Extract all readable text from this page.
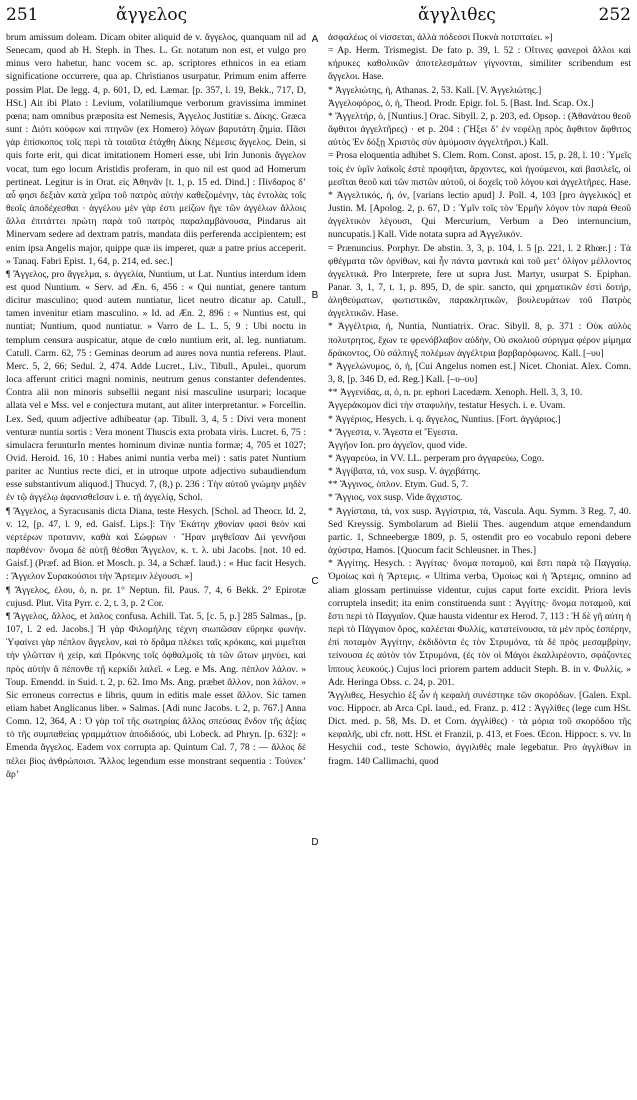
251	ἄγγελος	ἄγγλιθες	252
A
B
C
D

brum amissum doleam. Dicam obiter aliquid de v. ἄγγελος, quanquam nil ad Senecam, quod ab H. Steph. in Thes. L. Gr. notatum non est, et vulgo pro minus vero habetur, hanc vocem sc. ap. scriptores ethnicos in ea etiam significatione occurrere, qua ap. Christianos usurpatur. Primum enim afferre possim Plat. De legg. 4, p. 601, D, ed. Læmar. [p. 357, l. 19, Bekk., 717, D, HSt.] Ait ibi Plato : Levium, volatiliumque verborum gravissima imminet pœna; nam omnibus præposita est Nemesis, Ἀγγελος Justitiæ s. Δίκης. Græca sunt : Διότι κούφων καὶ πτηνῶν (ex Homero) λόγων βαρυτάτη ζημία. Πᾶσι γὰρ ἐπίσκοπος τοῖς περὶ τὰ τοιαῦτα ἐτάχθη Δίκης Νέμεσις ἄγγελος. Dein, si quis forte erit, qui dicat imitationem Homeri esse, ubi Irin Junonis ἄγγελον vocat, tum ego locum Aristidis proferam, in quo nil est quod ad Homerum pertineat. Legitur is in Orat. εἰς Ἀθηνᾶν [t. 1, p. 15 ed. Dind.] : Πίνδαρος δ’ αὖ φησι δεξιὰν κατὰ χεῖρα τοῦ πατρὸς αὐτὴν καθεζομένην, τὰς ἐντολὰς τοῖς θεοῖς ἀποδέχεσθαι · ἀγγέλου μὲν γὰρ ἐστι μείζων ἤγε τῶν ἀγγέλων ἄλλοις ἄλλα ἐπιτάττει πρώτη παρὰ τοῦ πατρὸς παραλαμβάνουσα, Pindarus ait Minervam sedere ad dextram patris, mandata diis perferenda accipientem; est enim ipsa Angelis major, quippe quæ iis imperet, quæ a patre prius acceperit. » Tanaq. Fabri Epist. 1, 64, p. 214, ed. sec.]

¶ Ἄγγελος, pro ἄγγελμα, s. ἀγγελία, Nuntium, ut Lat. Nuntius interdum idem est quod Nuntium. « Serv. ad Æn. 6, 456 : « Qui nuntiat, genere tantum dicitur masculino; quod autem nuntiatur, licet neutro dicatur ap. Catull., tamen invenitur etiam masculino. » Id. ad Æn. 2, 896 : « Nuntius est, qui nuntiat; Nuntium, quod nuntiatur. » Varro de L. L. 5, 9 : Ubi noctu in templum censura auspicatur, atque de cœlo nuntium erit, al. leg. nuntiatum. Catull. Carm. 62, 75 : Geminas deorum ad aures nova nuntia referens. Plaut. Merc. 5, 2, 66; Sedul. 2, 474. Adde Lucret., Liv., Tibull., Apulei., quorum loca afferunt critici magni nominis, neutrum genus constanter defendentes. Contra alii non minoris subsellii negant nisi masculine usurpari; locaque allata vel e Mss. vel e conjectura mutant, aut aliter interpretantur. » Forcellin. Lex. Sed, quum adjective adhibeatur (ap. Tibull. 3, 4, 5 : Divi vera monent venturæ nuntia sortis : Vera monent Thuscis exta probata viris. Lucret. 6, 75 : simulacra ferunturIn mentes hominum divinæ nuntia formæ; 4, 705 et 1027; Ovid. Heroid. 16, 10 : Habes animi nuntia verba mei) : satis patet Nuntium pariter ac Nuntius recte dici, et in utroque utpote adjectivo subaudiendum esse substantivum aliquod.] Thucyd. 7, (8,) p. 236 : Τὴν αὐτοῦ γνώμην μηδὲν ἐν τῷ ἀγγέλῳ ἀφανισθεῖσαν i. e. τῇ ἀγγελίᾳ, Schol.

¶ Ἄγγελος, a Syracusanis dicta Diana, teste Hesych. [Schol. ad Theocr. Id. 2, v. 12, [p. 47, l. 9, ed. Gaisf. Lips.]: Τὴν Ἑκάτην χθονίαν φασὶ θεὸν καὶ νερτέρων προτανιν, καθὰ καὶ Σώφρων · Ἥραν μιγθεῖσαν Διὶ γεννῆσαι παρθένον· ὄνομα δὲ αὐτῇ θέσθαι Ἄγγελον, κ. τ. λ. ubi Jacobs. [not. 10 ed. Gaisf.] (Præf. ad Bion. et Mosch. p. 34, a Schæf. laud.) : « Huc facit Hesych. : Ἄγγελον Συρακούσιοι τὴν Ἄρτεμιν λέγουσι. »]

¶ Ἄγγελος, ἐλου, ὁ, n. pr. 1° Neptun. fil. Paus. 7, 4, 6 Bekk. 2° Epirotæ cujusd. Plut. Vita Pyrr. c. 2, t. 3, p. 2 Cor.

¶ Ἄγγελος, ἄλλος, et λαλος confusa. Achill. Tat. 5, [c. 5, p.] 285 Salmas., [p. 107, l. 2 ed. Jacobs.] Ἡ γὰρ Φιλομήλης τέχνη σιωπῶσαν εὕρηκε φωνήν. Ὑφαίνει γὰρ πέπλον ἄγγελον, καὶ τὸ δρᾶμα πλέκει ταῖς κρόκαις, καὶ μιμεῖται τὴν γλῶτταν ἡ χείρ, καὶ Πρόκνης τοῖς ὀφθαλμοῖς τὰ τῶν ὤτων μηνύει, καὶ πρὸς αὐτὴν ἃ πέπονθε τῇ κερκίδι λαλεῖ. « Leg. e Ms. Ang. πέπλον λάλον. » Toup. Emendd. in Suid. t. 2, p. 62. Imo Ms. Ang. præbet ἄλλον, non λάλον. » Sic erroneus correctus e libris, quum in editis male esset ἄλλον. Sic tamen etiam habet Anglicanus liber. » Salmas. [Adi nunc Jacobs. t. 2, p. 767.] Anna Comn. 12, 364, A : Ὁ γὰρ τοῖ τῆς σωτηρίας ἄλλος σπεύσας ἔνδον τῆς ἀξίας τὸ τῆς συμπαθείας γραμμάτιον ἀποδιδούς, ubi Lobeck. ad Phryn. [p. 632]: « Emenda ἄγγελος. Eadem vox corrupta ap. Quintum Cal. 7, 78 : — ἄλλος δὲ πέλει βίος ἀνθρώποισι. Ἄλλος legendum esse monstrant sequentia : Τούνεκ’ ἄρ’

ἀσφαλέως οἱ νίσσεται, ἀλλὰ πόδεσσι Πυκνὰ ποτιπταίει. »]

= Ap. Herm. Trismegist. De fato p. 39, l. 52 : Οἵτινες φανεροὶ ἄλλοι καὶ κήρυκες καθολικῶν ἀποτελεσμάτων γίγνονται, similiter scribendum est ἄγγελοι. Hase.

* Ἀγγελιώτης, ἡ, Athanas. 2, 53. Kall. [V. Ἀγγελιώτης.]

Ἀγγελοφόρος, ὁ, ἡ, Theod. Prodr. Epigr. fol. 5. [Bast. Ind. Scap. Ox.]

* Ἄγγελτήρ, ὁ, [Nuntius.] Orac. Sibyll. 2, p. 203, ed. Opsop. : (Ἀθανάτου θεοῦ ἄφθιτοι ἀγγελτῆρες) · et p. 204 : (Ἥξει δ’ ἐν νεφέλῃ πρὸς ἄφθιτον ἄφθιτος αὐτὸς Ἐν δόξῃ Χριστὸς σὺν ἀμύμοσιν ἀγγελτῆρσι.) Kall.

= Prosa eloquentia adhibet S. Clem. Rom. Const. apost. 15, p. 28, l. 10 : Ὑμεῖς τοίς ἐν ὑμῖν λαϊκοῖς ἐστὲ προφῆται, ἄρχοντες, καὶ ἡγούμενοι, καὶ βασιλεῖς, οἱ μεσῖται θεοῦ καὶ τῶν πιστῶν αὐτοῦ, οἱ δοχεῖς τοῦ λόγου καὶ ἀγγελτῆρες. Hase.

* Ἀγγελτικός, ἡ, όν, [varians lectio apud] J. Poll. 4, 103 [pro ἀγγελικός] et Justin. M. [Apolog. 2, p. 67, D : Ὑμῖν τοῖς τὸν Ἑρμῆν λόγον τὸν παρὰ Θεοῦ ἀγγελτικὸν λέγουσι, Qui Mercurium, Verbum a Deo internuncium, nuncupatis.] Kall. Vide notata supra ad Ἀγγελικόν.

= Prænuncius. Porphyr. De abstin. 3, 3, p. 104, l. 5 [p. 221, l. 2 Rhœr.] : Τὰ φθέγματα τῶν ὀρνίθων, καὶ ἦν πάντα μαντικὰ καὶ τοῦ μετ’ ὀλίγον μέλλοντος ἀγγελτικά. Pro Interprete, fere ut supra Just. Martyr, usurpat S. Epiphan. Panar. 3, 1, 7, t. 1, p. 895, D, de spir. sancto, qui χρηματικῶν ἐστὶ δοτήρ, ἀληθεύματων, φωτιστικῶν, παρακλητικῶν, βουλευμάτων τοῦ Πατρὸς ἀγγελτικῶν. Hase.

* Ἀγγέλτρια, ἡ, Nuntia, Nuntiatrix. Orac. Sibyll. 8, p. 371 : Οὐκ αὐλὸς πολυτρητος, ἔχων τε φρενόβλαβον αὐδὴν, Οὐ σκολιοῦ σύριγμα φέρον μίμημα δράκοντος, Οὐ σάλπιγξ πολέμων ἀγγέλτρια βαρβαρόφωνος. Kall. [–υυ]

* Ἀγγελώνυμος, ὁ, ἡ, [Cui Angelus nomen est.] Nicet. Choniat. Alex. Comn. 3, 8, [p. 346 D, ed. Reg.] Kall. [–υ–υυ]

** Ἀγγενίδας, α, ὁ, n. pr. ephori Lacedæm. Xenoph. Hell. 3, 3, 10.

Ἀγγεράκομον dici τὴν σταφυλὴν, testatur Hesych. i. e. Uvam.

* Ἀγγέριος, Hesych. i. q. ἄγγελος, Nuntius. [Fort. ἀγγάριος.]

* Ἄγγεστα, v. Ἄγεστα et Ἔγεστα.

Ἀγγῆον Ion. pro ἀγγεῖον, quod vide.

* Ἀγγαρεύω, in VV. LL. perperam pro ἀγγαρεύω, Cogo.

* Ἀγγίβατα, τά, vox susp. V. ἀγχιβάτης.

** Ἄγγινος, ὁπλον. Etym. Gud. 5, 7.

* Ἄγγιος, vox susp. Vide ἄγχιστος.

* Ἀγγίσταια, τά, vox susp. Ἀγγίστρια, τά, Vascula. Aqu. Symm. 3 Reg. 7, 40. Sed Kreyssig. Symbolarum ad Bielii Thes. augendum atque emendandum partic. 1, Schneebergæ 1809, p. 5, ostendit pro eo vocabulo reponi debere ἀχύστρα, Hamos. [Quocum facit Schleusner. in Thes.]

* Ἀγγίτης. Hesych. : Ἀγγίτας· ὄνομα ποταμοῦ, καὶ ἔστι παρὰ τῷ Παγγαίῳ. Ὁμοίως καὶ ἡ Ἄρτεμις. « Ultima verba, Ὁμοίως καὶ ἡ Ἄρτεμις, omnino ad aliam glossam pertinuisse videntur, cujus caput forte excidit. Priora levis corruptela insedit; ita enim constituenda sunt : Ἀγγίτης· ὄνομα ποταμοῦ, καὶ ἔστι περὶ τὸ Παγγαῖον. Quæ hausta videntur ex Herod. 7, 113 : Ἡ δὲ γῆ αὐτη ἡ περὶ τὸ Πάγγαιον ὄρος, καλέεται Φυλλίς, κατατείνουσα, τὰ μὲν πρὸς ἑσπέρην, ἐπὶ ποταμὸν Ἀγγίτην, ἐκδιδόντα ἐς τὸν Στρυμόνα, τὰ δὲ πρὸς μεσαμβρίην, τείνουσα ἐς αὐτὸν τὸν Στρυμόνα, (ἐς τὸν οἱ Μάγοι ἐκαλλιρέοντο, σφάζοντες ἵππους λευκούς.) Cujus loci priorem partem adducit Steph. B. in v. Φυλλίς. » Adr. Heringa Obss. c. 24, p. 201.

Ἄγγλιθες, Hesychio ἐξ ὧν ἡ κεφαλὴ συνέστηκε τῶν σκορόδων. [Galen. Expl. voc. Hippocr. ab Arca Cpl. laud., ed. Franz. p. 412 : Ἀγγλίθες (lege cum HSt. Dict. med. p. 58, Ms. D. et Corn. ἀγγλίθες) · τὰ μόρια τοῦ σκορόδου τῆς κεφαλῆς, ubi cfr. nott. HSt. et Franzii, p. 413, et Foes. Œcon. Hippocr. s. vv. In Hesychii cod., teste Schowio, ἀγγιλιθὲς male legebatur. Pro ἀγγλίθων in fragm. 140 Callimachi, quod
